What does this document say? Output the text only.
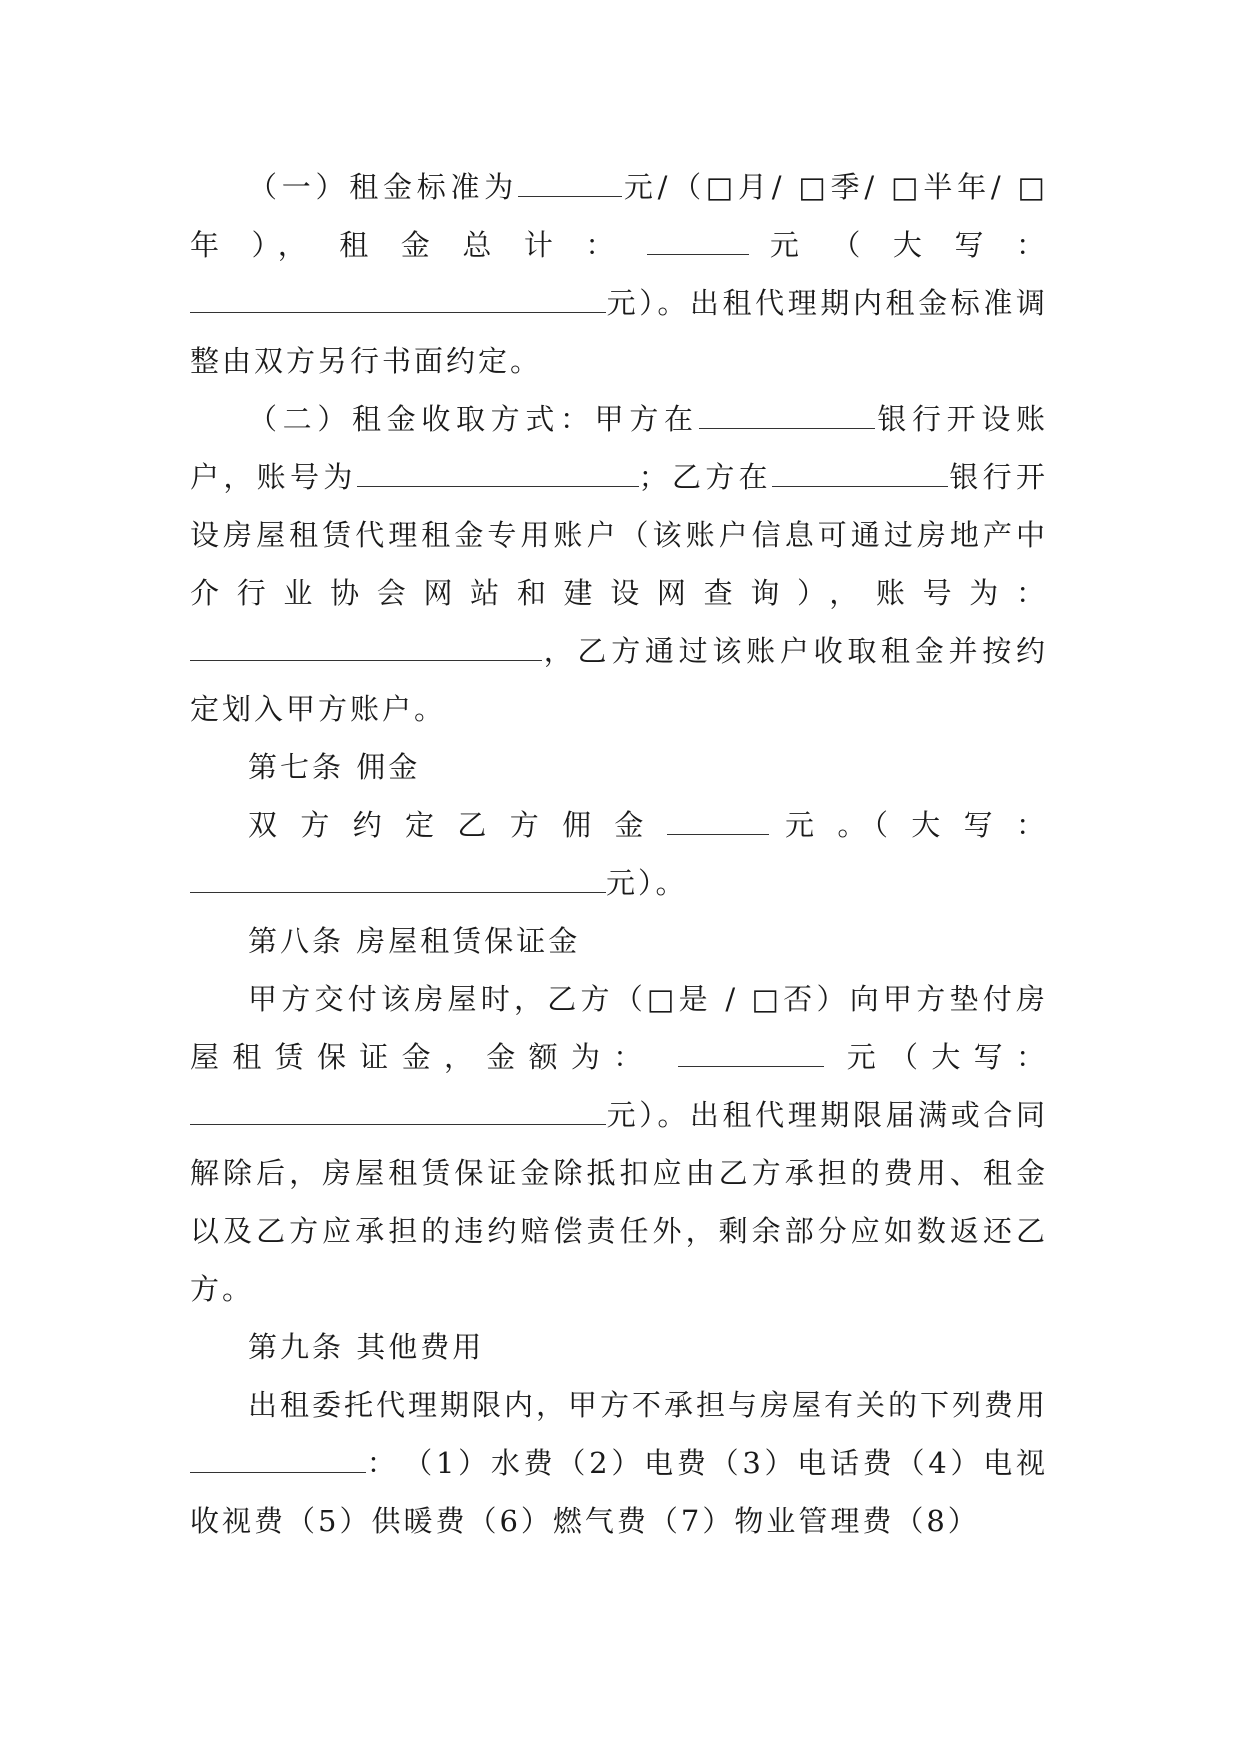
（一）租金标准为	元/（□月/ □季/ □半年/ □ 年 ）， 租 金 总 计 ：	元 （ 大 写 ： 元）。出租代理期内租金标准调整由双方另行书面约定。

（二）租金收取方式：甲方在	银行开设账户，账号为	；乙方在	银行开设房屋租赁代理租金专用账户（该账户信息可通过房地产中介行业协会网站和建设网查询），账号为：，乙方通过该账户收取租金并按约定划入甲方账户。

第七条 佣金

双 方 约 定 乙 方 佣 金	元 。（ 大 写 ： 元）。

第八条 房屋租赁保证金

甲方交付该房屋时，乙方（□是 / □否）向甲方垫付房屋租赁保证金，金额为：	元（大写：元）。出租代理期限届满或合同解除后，房屋租赁保证金除抵扣应由乙方承担的费用、租金以及乙方应承担的违约赔偿责任外，剩余部分应如数返还乙方。

第九条 其他费用

出租委托代理期限内，甲方不承担与房屋有关的下列费用：　（1）水费（2）电费（3）电话费（4）电视收视费（5）供暖费（6）燃气费（7）物业管理费（8）
